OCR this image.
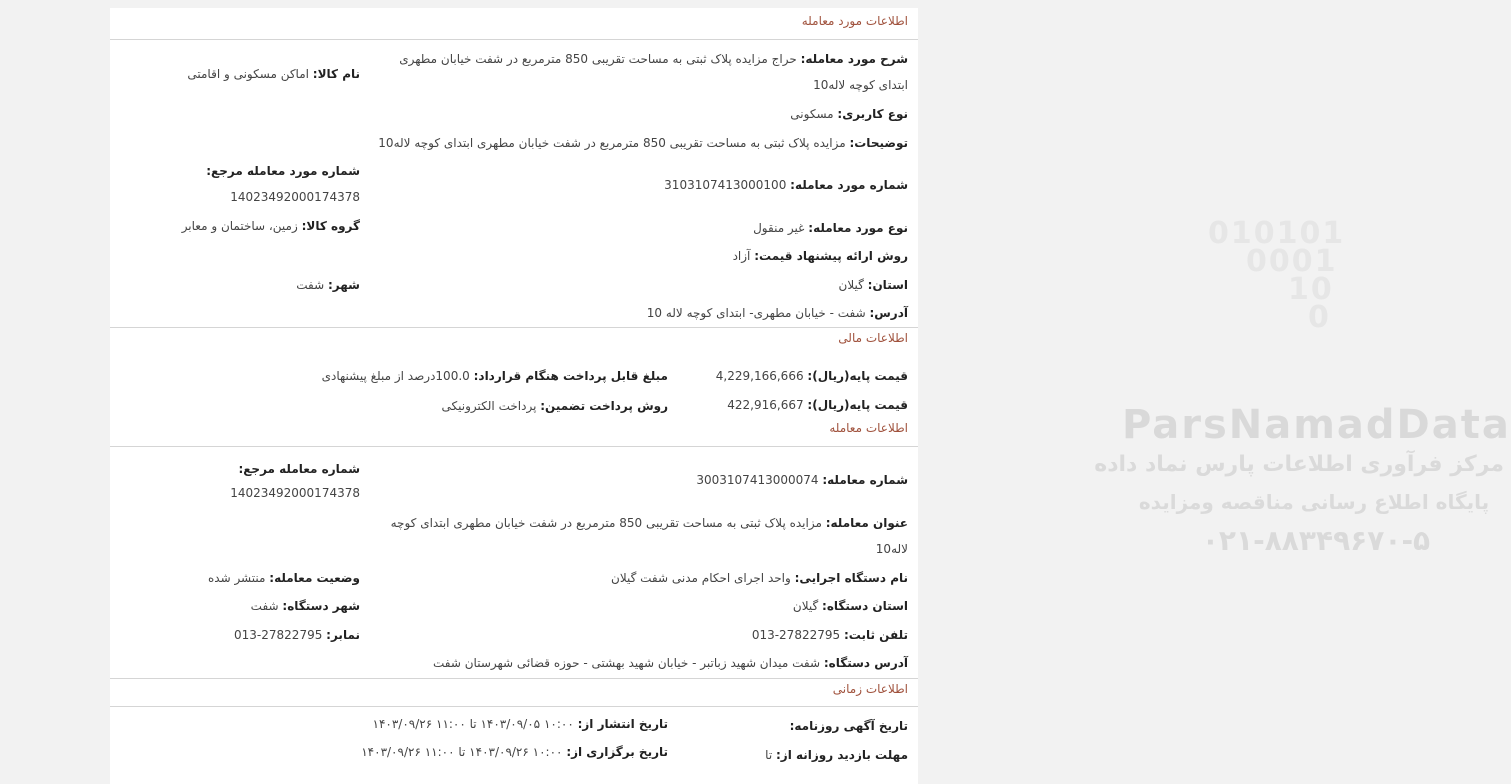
010101
0001
10
0
ParsNamadData
مرکز فرآوری اطلاعات پارس نماد داده
پایگاه اطلاع رسانی مناقصه ومزایده
۰۲۱-۸۸۳۴۹۶۷۰-۵
اطلاعات مورد معامله
شرح مورد معامله: حراج مزایده پلاک ثبتی به مساحت تقریبی 850 مترمربع در شفت خیابان مطهری
ابتدای کوچه لاله10
نام کالا: اماکن مسکونی و اقامتی
نوع کاربری: مسکونی
توضیحات: مزایده پلاک ثبتی به مساحت تقریبی 850 مترمربع در شفت خیابان مطهری ابتدای کوچه لاله10
شماره مورد معامله مرجع:
14023492000174378
شماره مورد معامله: 3103107413000100
نوع مورد معامله: غیر منقول
گروه کالا: زمین، ساختمان و معابر
روش ارائه پیشنهاد قیمت: آزاد
استان: گیلان
شهر: شفت
آدرس: شفت - خیابان مطهری- ابتدای کوچه لاله 10
اطلاعات مالی
قیمت پایه(ریال): 4,229,166,666
مبلغ قابل پرداخت هنگام قرارداد: 100.0درصد از مبلغ پیشنهادی
قیمت پایه(ریال): 422,916,667
روش پرداخت تضمین: پرداخت الکترونیکی
اطلاعات معامله
شماره معامله مرجع:
14023492000174378
شماره معامله: 3003107413000074
عنوان معامله: مزایده پلاک ثبتی به مساحت تقریبی 850 مترمربع در شفت خیابان مطهری ابتدای کوچه
لاله10
نام دستگاه اجرایی: واحد اجرای احکام مدنی شفت گیلان
وضعیت معامله: منتشر شده
استان دستگاه: گیلان
شهر دستگاه: شفت
تلفن ثابت: 013-27822795
نمابر: 013-27822795
آدرس دستگاه: شفت میدان شهید زباتبر - خیابان شهید بهشتی - حوزه قضائی شهرستان شفت
اطلاعات زمانی
تاریخ آگهی روزنامه:
تاریخ انتشار از: ۱۰:۰۰ ۱۴۰۳/۰۹/۰۵ تا ۱۱:۰۰ ۱۴۰۳/۰۹/۲۶
مهلت بازدید روزانه از: تا
تاریخ برگزاری از: ۱۰:۰۰ ۱۴۰۳/۰۹/۲۶ تا ۱۱:۰۰ ۱۴۰۳/۰۹/۲۶
